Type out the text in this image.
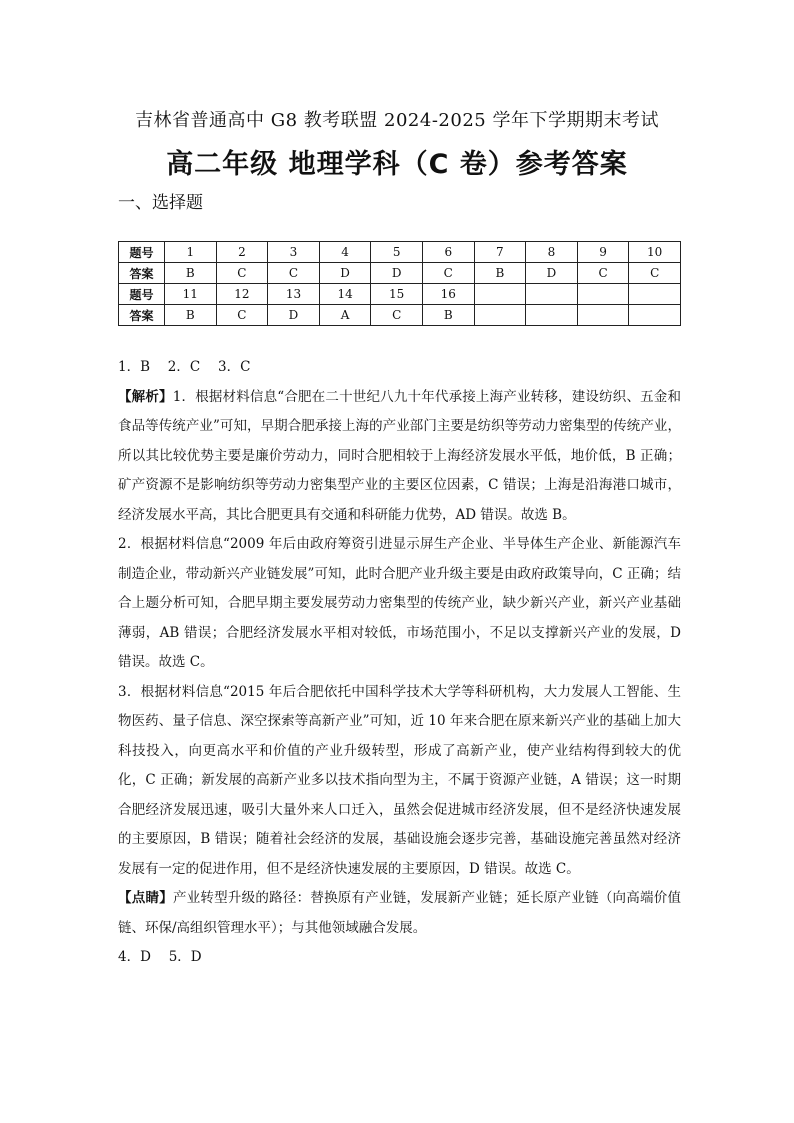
吉林省普通高中 G8 教考联盟 2024-2025 学年下学期期末考试
高二年级 地理学科（C 卷）参考答案
一、选择题
题号	1	2	3	4	5	6	7	8	9	10
答案	B	C	C	D	D	C	B	D	C	C
题号	11	12	13	14	15	16				
答案	B	C	D	A	C	B				

1．B　 2．C　 3．C

【解析】1．根据材料信息“合肥在二十世纪八九十年代承接上海产业转移，建设纺织、五金和食品等传统产业”可知，早期合肥承接上海的产业部门主要是纺织等劳动力密集型的传统产业，所以其比较优势主要是廉价劳动力，同时合肥相较于上海经济发展水平低，地价低，B 正确；矿产资源不是影响纺织等劳动力密集型产业的主要区位因素，C 错误；上海是沿海港口城市，经济发展水平高，其比合肥更具有交通和科研能力优势，AD 错误。故选 B。

2．根据材料信息“2009 年后由政府筹资引进显示屏生产企业、半导体生产企业、新能源汽车制造企业，带动新兴产业链发展”可知，此时合肥产业升级主要是由政府政策导向，C 正确；结合上题分析可知，合肥早期主要发展劳动力密集型的传统产业，缺少新兴产业，新兴产业基础薄弱，AB 错误；合肥经济发展水平相对较低，市场范围小，不足以支撑新兴产业的发展，D 错误。故选 C。

3．根据材料信息“2015 年后合肥依托中国科学技术大学等科研机构，大力发展人工智能、生物医药、量子信息、深空探索等高新产业”可知，近 10 年来合肥在原来新兴产业的基础上加大科技投入，向更高水平和价值的产业升级转型，形成了高新产业，使产业结构得到较大的优化，C 正确；新发展的高新产业多以技术指向型为主，不属于资源产业链，A 错误；这一时期合肥经济发展迅速，吸引大量外来人口迁入，虽然会促进城市经济发展，但不是经济快速发展的主要原因，B 错误；随着社会经济的发展，基础设施会逐步完善，基础设施完善虽然对经济发展有一定的促进作用，但不是经济快速发展的主要原因，D 错误。故选 C。

【点睛】产业转型升级的路径：替换原有产业链，发展新产业链；延长原产业链（向高端价值链、环保/高组织管理水平）；与其他领域融合发展。

4．D　 5．D
